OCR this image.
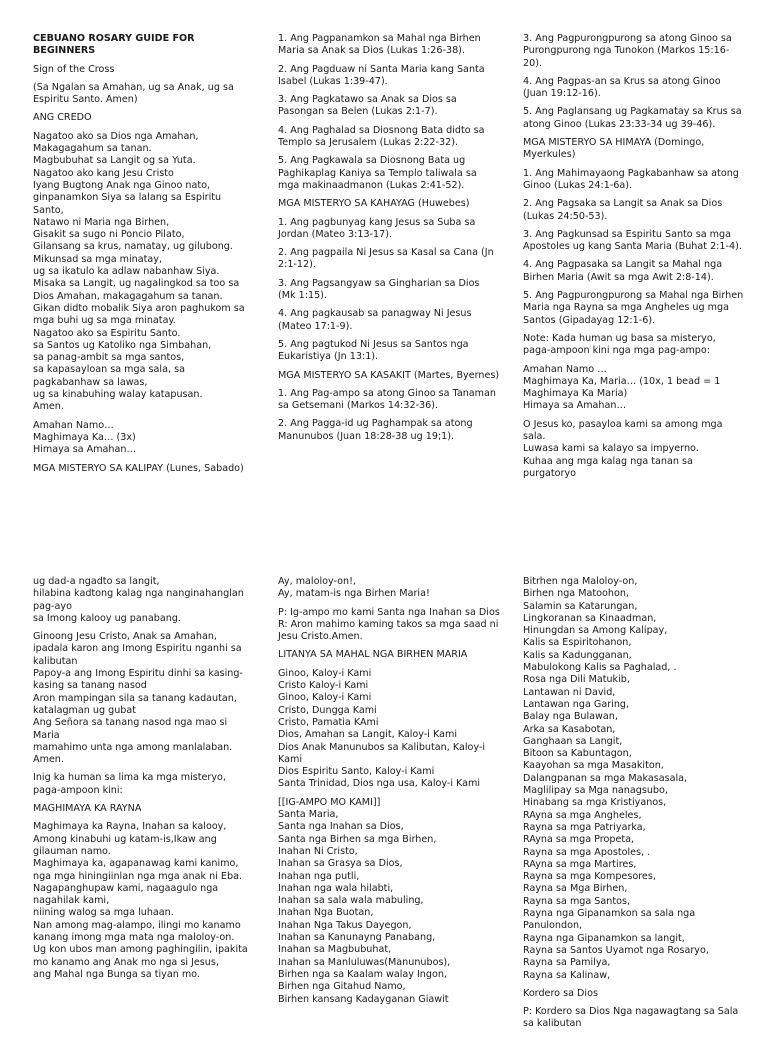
CEBUANO ROSARY GUIDE FOR BEGINNERS
Sign of the Cross
(Sa Ngalan sa Amahan, ug sa Anak, ug sa Espiritu Santo. Amen)
ANG CREDO
Nagatoo ako sa Dios nga Amahan,
Makagagahum sa tanan.
Magbubuhat sa Langit og sa Yuta.
Nagatoo ako kang Jesu Cristo
Iyang Bugtong Anak nga Ginoo nato,
ginpanamkon Siya sa lalang sa Espiritu Santo,
Natawo ni Maria nga Birhen,
Gisakit sa sugo ni Poncio Pilato,
Gilansang sa krus, namatay, ug gilubong.
Mikunsad sa mga minatay,
ug sa ikatulo ka adlaw nabanhaw Siya.
Misaka sa Langit, ug nagalingkod sa too sa Dios Amahan, makagagahum sa tanan.
Gikan didto mobalik Siya aron paghukom sa mga buhi ug sa mga minatay.
Nagatoo ako sa Espiritu Santo.
sa Santos ug Katoliko nga Simbahan,
sa panag-ambit sa mga santos,
sa kapasayloan sa mga sala, sa pagkabanhaw sa lawas,
ug sa kinabuhing walay katapusan.
Amen.
Amahan Namo…
Maghimaya Ka… (3x)
Himaya sa Amahan…
MGA MISTERYO SA KALIPAY (Lunes, Sabado)
1. Ang Pagpanamkon sa Mahal nga Birhen Maria sa Anak sa Dios (Lukas 1:26-38).
2. Ang Pagduaw ni Santa Maria kang Santa Isabel (Lukas 1:39-47).
3. Ang Pagkatawo sa Anak sa Dios sa Pasongan sa Belen (Lukas 2:1-7).
4. Ang Paghalad sa Diosnong Bata didto sa Templo sa Jerusalem (Lukas 2:22-32).
5. Ang Pagkawala sa Diosnong Bata ug Paghikaplag Kaniya sa Templo taliwala sa mga makinaadmanon (Lukas 2:41-52).
MGA MISTERYO SA KAHAYAG (Huwebes)
1. Ang pagbunyag kang Jesus sa Suba sa Jordan (Mateo 3:13-17).
2. Ang pagpaila Ni Jesus sa Kasal sa Cana (Jn 2:1-12).
3. Ang Pagsangyaw sa Gingharian sa Dios (Mk 1:15).
4. Ang pagkausab sa panagway Ni Jesus (Mateo 17:1-9).
5. Ang pagtukod Ni Jesus sa Santos nga Eukaristiya (Jn 13:1).
MGA MISTERYO SA KASAKIT (Martes, Byernes)
1. Ang Pag-ampo sa atong Ginoo sa Tanaman sa Getsemani (Markos 14:32-36).
2. Ang Pagga-id ug Paghampak sa atong Manunubos (Juan 18:28-38 ug 19;1).
3. Ang Pagpurongpurong sa atong Ginoo sa Purongpurong nga Tunokon (Markos 15:16-20).
4. Ang Pagpas-an sa Krus sa atong Ginoo (Juan 19:12-16).
5. Ang Paglansang ug Pagkamatay sa Krus sa atong Ginoo (Lukas 23:33-34 ug 39-46).
MGA MISTERYO SA HIMAYA (Domingo, Myerkules)
1. Ang Mahimayaong Pagkabanhaw sa atong Ginoo (Lukas 24:1-6a).
2. Ang Pagsaka sa Langit sa Anak sa Dios (Lukas 24:50-53).
3. Ang Pagkunsad sa Espiritu Santo sa mga Apostoles ug kang Santa Maria (Buhat 2:1-4).
4. Ang Pagpasaka sa Langit sa Mahal nga Birhen Maria (Awit sa mga Awit 2:8-14).
5. Ang Pagpurongpurong sa Mahal nga Birhen Maria nga Rayna sa mga Angheles ug mga Santos (Gipadayag 12:1-6).
Note: Kada human ug basa sa misteryo, paga-ampoon kini nga mga pag-ampo:
Amahan Namo …
Maghimaya Ka, Maria… (10x, 1 bead = 1 Maghimaya Ka Maria)
Himaya sa Amahan…
O Jesus ko, pasayloa kami sa among mga sala.
Luwasa kami sa kalayo sa impyerno.
Kuhaa ang mga kalag nga tanan sa purgatoryo
ug dad-a ngadto sa langit,
hilabina kadtong kalag nga nanginahanglan pag-ayo
sa Imong kalooy ug panabang.
Ginoong Jesu Cristo, Anak sa Amahan, ipadala karon ang Imong Espiritu nganhi sa kalibutan
Papoy-a ang Imong Espiritu dinhi sa kasing-kasing sa tanang nasod
Aron mampingan sila sa tanang kadautan, katalagman ug gubat
Ang Señora sa tanang nasod nga mao si Maria
mamahimo unta nga among manlalaban. Amen.
Inig ka human sa lima ka mga misteryo, paga-ampoon kini:
MAGHIMAYA KA RAYNA
Maghimaya ka Rayna, Inahan sa kalooy, Among kinabuhi ug katam-is,Ikaw ang gilauman namo.
Maghimaya ka, agapanawag kami kanimo,
nga mga hiningiinlan nga mga anak ni Eba.
Nagapanghupaw kami, nagaagulo nga nagahilak kami,
niining walog sa mga luhaan.
Nan among mag-alampo, ilingi mo kanamo kanang imong mga mata nga maloloy-on.
Ug kon ubos man among paghingilin, ipakita mo kanamo ang Anak mo nga si Jesus,
ang Mahal nga Bunga sa tiyan mo.
Ay, maloloy-on!,
Ay, matam-is nga Birhen Maria!
P: Ig-ampo mo kami Santa nga Inahan sa Dios
R: Aron mahimo kaming takos sa mga saad ni Jesu Cristo.Amen.
LITANYA SA MAHAL NGA BIRHEN MARIA
Ginoo, Kaloy-i Kami
Cristo Kaloy-i Kami
Ginoo, Kaloy-i Kami
Cristo, Dungga Kami
Cristo, Pamatia KAmi
Dios, Amahan sa Langit, Kaloy-i Kami
Dios Anak Manunubos sa Kalibutan, Kaloy-i Kami
Dios Espiritu Santo, Kaloy-i Kami
Santa Trinidad, Dios nga usa, Kaloy-i Kami
[[IG-AMPO MO KAMI]]
Santa Maria,
Santa nga Inahan sa Dios,
Santa nga Birhen sa mga Birhen,
Inahan Ni Cristo,
Inahan sa Grasya sa Dios,
Inahan nga putli,
Inahan nga wala hilabti,
Inahan sa sala wala mabuling,
Inahan Nga Buotan,
Inahan Nga Takus Dayegon,
Inahan sa Kanunayng Panabang,
Inahan sa Magbubuhat,
Inahan sa Manluluwas(Manunubos),
Birhen nga sa Kaalam walay Ingon,
Birhen nga Gitahud Namo,
Birhen kansang Kadayganan Giawit
Bitrhen nga Maloloy-on,
Birhen nga Matoohon,
Salamin sa Katarungan,
Lingkoranan sa Kinaadman,
Hinungdan sa Among Kalipay,
Kalis sa Espiritohanon,
Kalis sa Kadungganan,
Mabulokong Kalis sa Paghalad, .
Rosa nga Dili Matukib,
Lantawan ni David,
Lantawan nga Garing,
Balay nga Bulawan,
Arka sa Kasabotan,
Ganghaan sa Langit,
Bitoon sa Kabuntagon,
Kaayohan sa mga Masakiton,
Dalangpanan sa mga Makasasala,
Maglilipay sa Mga nanagsubo,
Hinabang sa mga Kristiyanos,
RAyna sa mga Angheles,
Rayna sa mga Patriyarka,
RAyna sa mga Propeta,
Rayna sa mga Apostoles, .
RAyna sa mga Martires,
Rayna sa mga Kompesores,
Rayna sa Mga Birhen,
Rayna sa mga Santos,
Rayna nga Gipanamkon sa sala nga Panulondon,
Rayna nga Gipanamkon sa langit,
Rayna sa Santos Uyamot nga Rosaryo,
Rayna sa Pamilya,
Rayna sa Kalinaw,
Kordero sa Dios
P: Kordero sa Dios Nga nagawagtang sa Sala sa kalibutan
